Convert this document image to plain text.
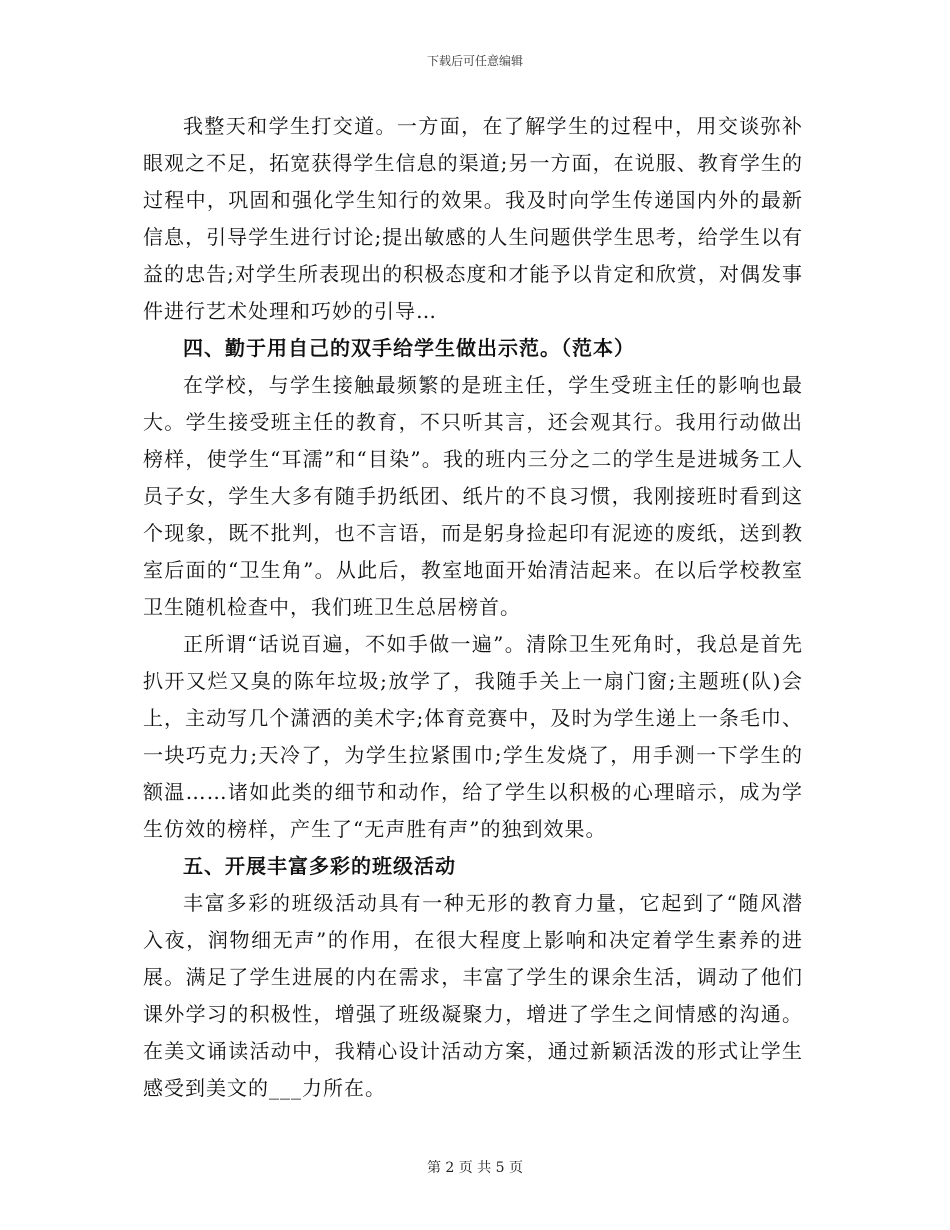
下载后可任意编辑

我整天和学生打交道。一方面，在了解学生的过程中，用交谈弥补眼观之不足，拓宽获得学生信息的渠道;另一方面，在说服、教育学生的过程中，巩固和强化学生知行的效果。我及时向学生传递国内外的最新信息，引导学生进行讨论;提出敏感的人生问题供学生思考，给学生以有益的忠告;对学生所表现出的积极态度和才能予以肯定和欣赏，对偶发事件进行艺术处理和巧妙的引导…

四、勤于用自己的双手给学生做出示范。（范本）

在学校，与学生接触最频繁的是班主任，学生受班主任的影响也最大。学生接受班主任的教育，不只听其言，还会观其行。我用行动做出榜样，使学生“耳濡”和“目染”。我的班内三分之二的学生是进城务工人员子女，学生大多有随手扔纸团、纸片的不良习惯，我刚接班时看到这个现象，既不批判，也不言语，而是躬身捡起印有泥迹的废纸，送到教室后面的“卫生角”。从此后，教室地面开始清洁起来。在以后学校教室卫生随机检查中，我们班卫生总居榜首。

正所谓“话说百遍，不如手做一遍”。清除卫生死角时，我总是首先扒开又烂又臭的陈年垃圾;放学了，我随手关上一扇门窗;主题班(队)会上，主动写几个潇洒的美术字;体育竞赛中，及时为学生递上一条毛巾、一块巧克力;天冷了，为学生拉紧围巾;学生发烧了，用手测一下学生的额温……诸如此类的细节和动作，给了学生以积极的心理暗示，成为学生仿效的榜样，产生了“无声胜有声”的独到效果。

五、开展丰富多彩的班级活动

丰富多彩的班级活动具有一种无形的教育力量，它起到了“随风潜入夜，润物细无声”的作用，在很大程度上影响和决定着学生素养的进展。满足了学生进展的内在需求，丰富了学生的课余生活，调动了他们课外学习的积极性，增强了班级凝聚力，增进了学生之间情感的沟通。在美文诵读活动中，我精心设计活动方案，通过新颖活泼的形式让学生感受到美文的___力所在。

第 2 页 共 5 页
